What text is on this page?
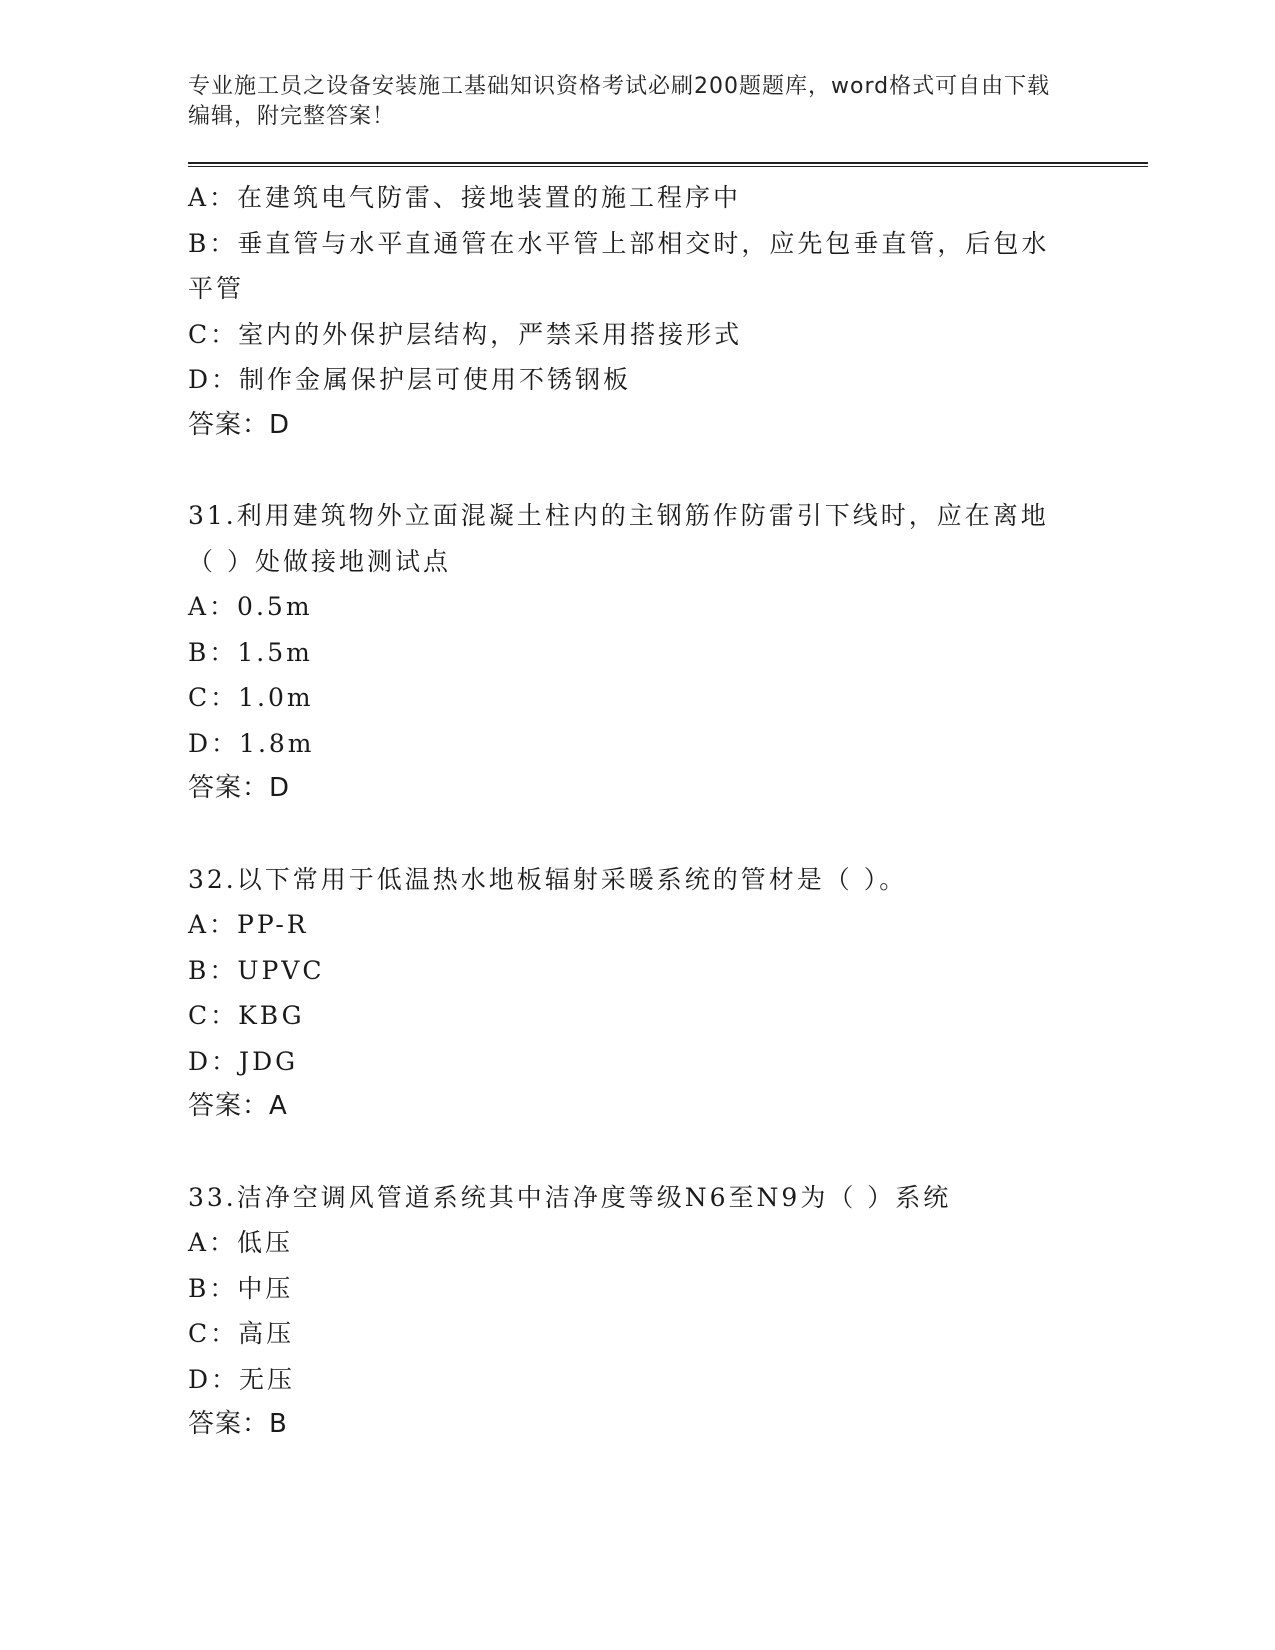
专业施工员之设备安装施工基础知识资格考试必刷200题题库，word格式可自由下载编辑，附完整答案！
A：在建筑电气防雷、接地装置的施工程序中
B：垂直管与水平直通管在水平管上部相交时，应先包垂直管，后包水平管
C：室内的外保护层结构，严禁采用搭接形式
D：制作金属保护层可使用不锈钢板
答案：D
31.利用建筑物外立面混凝土柱内的主钢筋作防雷引下线时，应在离地（ ）处做接地测试点
A：0.5m
B：1.5m
C：1.0m
D：1.8m
答案：D
32.以下常用于低温热水地板辐射采暖系统的管材是（ ）。
A：PP-R
B：UPVC
C：KBG
D：JDG
答案：A
33.洁净空调风管道系统其中洁净度等级N6至N9为（ ）系统
A：低压
B：中压
C：高压
D：无压
答案：B
